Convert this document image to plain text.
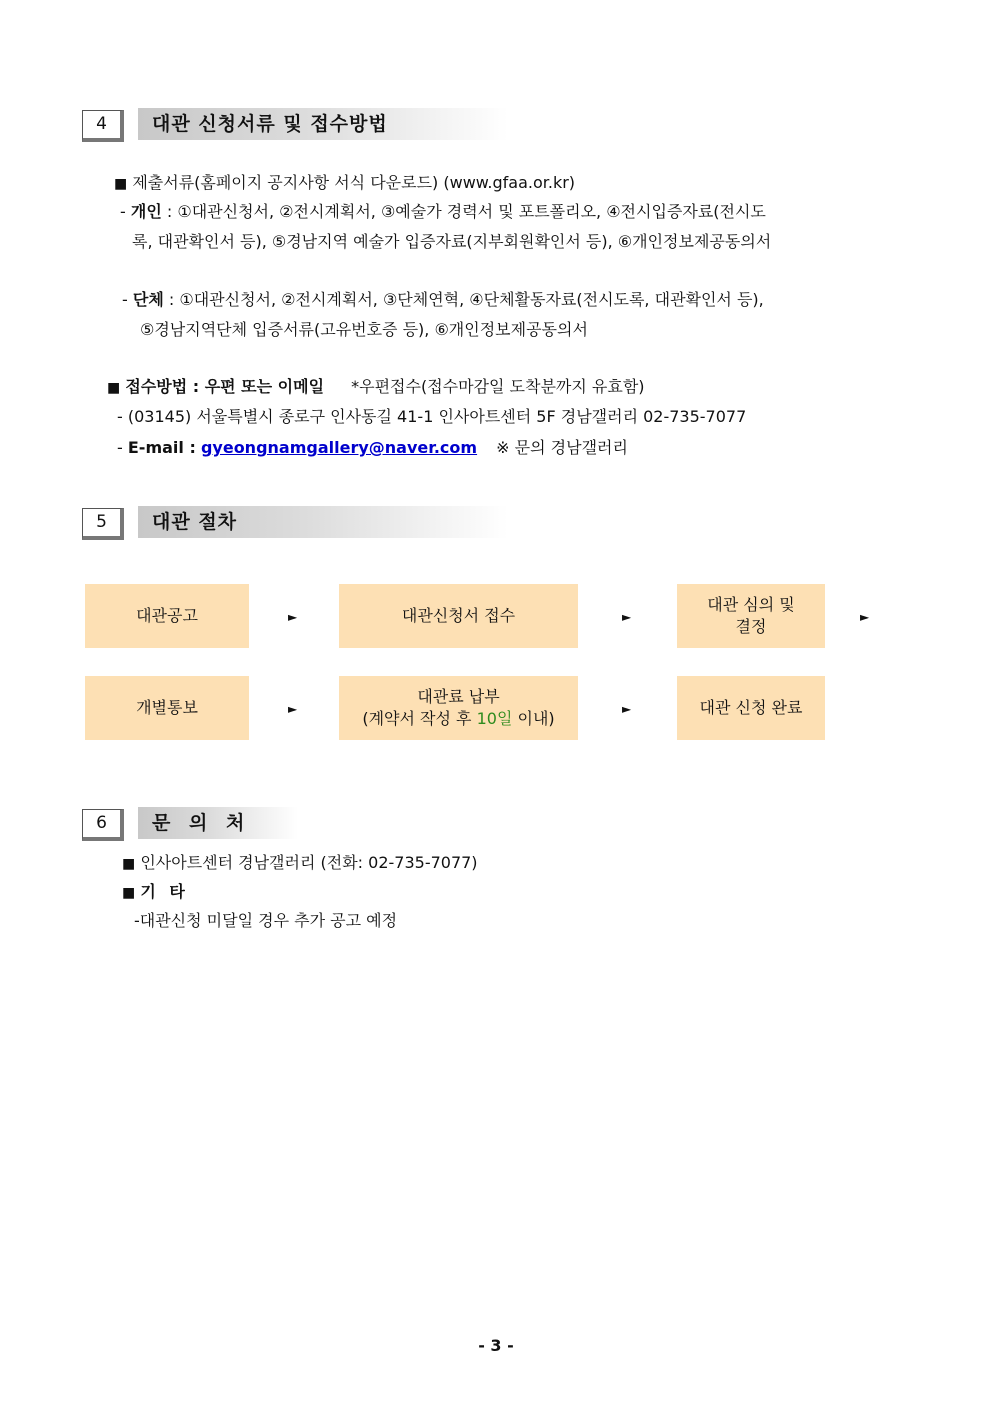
4	대관 신청서류 및 접수방법
■ 제출서류(홈페이지 공지사항 서식 다운로드) (www.gfaa.or.kr)
- 개인 : ①대관신청서, ②전시계획서, ③예술가 경력서 및 포트폴리오, ④전시입증자료(전시도
록, 대관확인서 등), ⑤경남지역 예술가 입증자료(지부회원확인서 등), ⑥개인정보제공동의서
- 단체 : ①대관신청서, ②전시계획서, ③단체연혁, ④단체활동자료(전시도록, 대관확인서 등),
⑤경남지역단체 입증서류(고유번호증 등), ⑥개인정보제공동의서
■ 접수방법 : 우편 또는 이메일 *우편접수(접수마감일 도착분까지 유효함)
- (03145) 서울특별시 종로구 인사동길 41-1 인사아트센터 5F 경남갤러리 02-735-7077
- E-mail : gyeongnamgallery@naver.com ※ 문의 경남갤러리
5	대관 절차
대관공고	►	대관신청서 접수	►
대관 심의 및
결정	►
개별통보	►
대관료 납부
(계약서 작성 후 10일 이내)	►	대관 신청 완료
6	문 의 처
■ 인사아트센터 경남갤러리 (전화: 02-735-7077)
■ 기 타
-대관신청 미달일 경우 추가 공고 예정
- 3 -
